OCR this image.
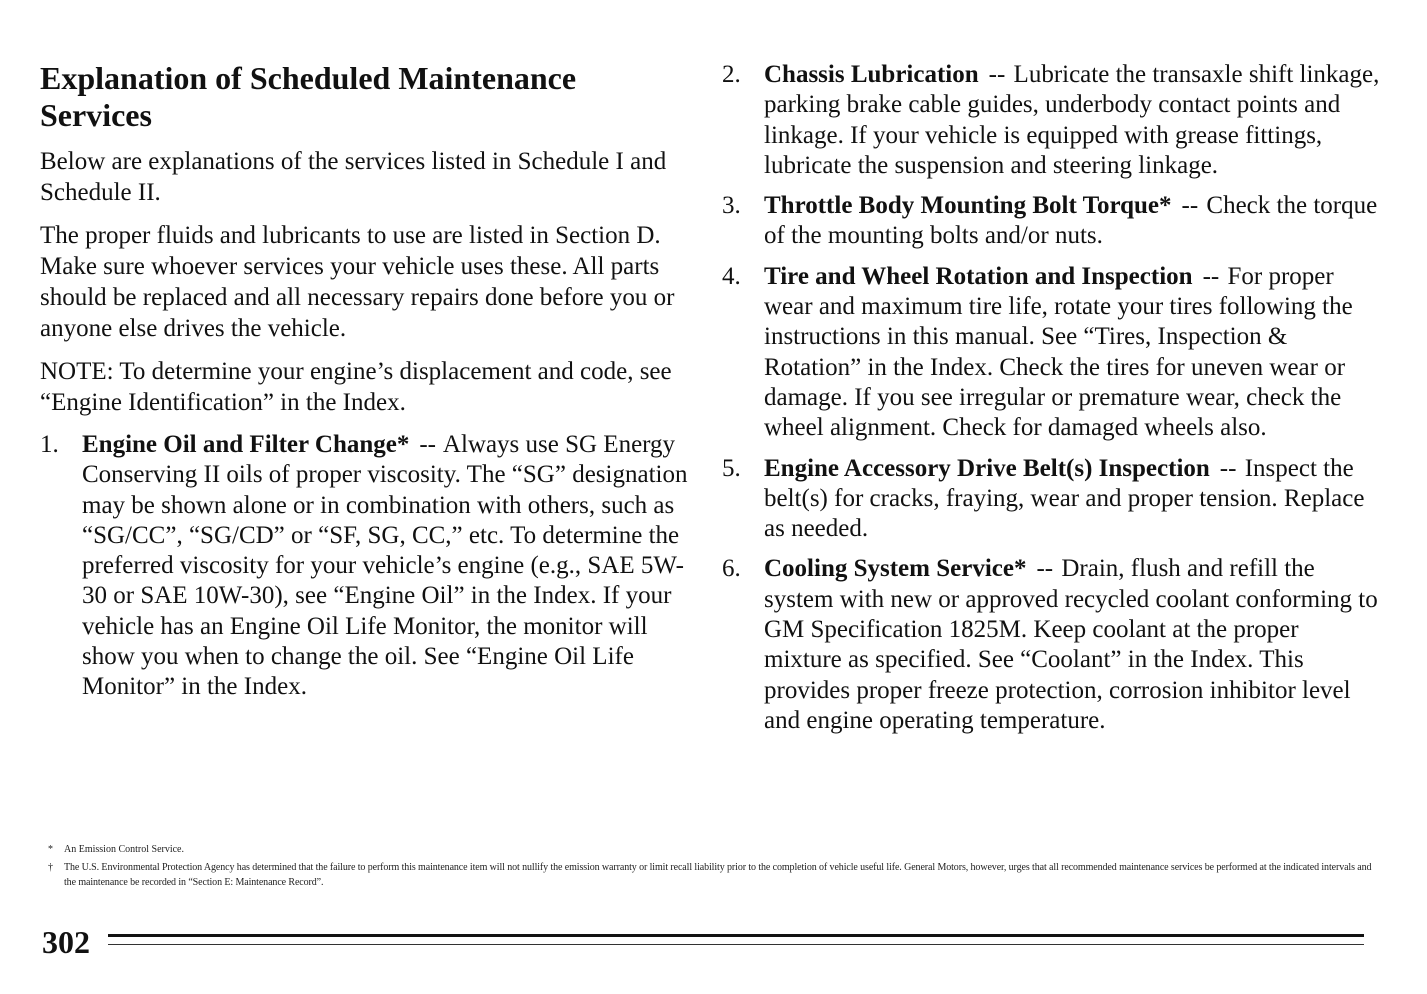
Explanation of Scheduled Maintenance Services

Below are explanations of the services listed in Schedule I and Schedule II.

The proper fluids and lubricants to use are listed in Section D. Make sure whoever services your vehicle uses these. All parts should be replaced and all necessary repairs done before you or anyone else drives the vehicle.

NOTE: To determine your engine’s displacement and code, see “Engine Identification” in the Index.

1. Engine Oil and Filter Change* -- Always use SG Energy Conserving II oils of proper viscosity. The “SG” designation may be shown alone or in combination with others, such as “SG/CC”, “SG/CD” or “SF, SG, CC,” etc. To determine the preferred viscosity for your vehicle’s engine (e.g., SAE 5W-30 or SAE 10W-30), see “Engine Oil” in the Index. If your vehicle has an Engine Oil Life Monitor, the monitor will show you when to change the oil. See “Engine Oil Life Monitor” in the Index.
2. Chassis Lubrication -- Lubricate the transaxle shift linkage, parking brake cable guides, underbody contact points and linkage. If your vehicle is equipped with grease fittings, lubricate the suspension and steering linkage.
3. Throttle Body Mounting Bolt Torque* -- Check the torque of the mounting bolts and/or nuts.
4. Tire and Wheel Rotation and Inspection -- For proper wear and maximum tire life, rotate your tires following the instructions in this manual. See “Tires, Inspection & Rotation” in the Index. Check the tires for uneven wear or damage. If you see irregular or premature wear, check the wheel alignment. Check for damaged wheels also.
5. Engine Accessory Drive Belt(s) Inspection -- Inspect the belt(s) for cracks, fraying, wear and proper tension. Replace as needed.
6. Cooling System Service* -- Drain, flush and refill the system with new or approved recycled coolant conforming to GM Specification 1825M. Keep coolant at the proper mixture as specified. See “Coolant” in the Index. This provides proper freeze protection, corrosion inhibitor level and engine operating temperature.

*	An Emission Control Service.

†	The U.S. Environmental Protection Agency has determined that the failure to perform this maintenance item will not nullify the emission warranty or limit recall liability prior to the completion of vehicle useful life. General Motors, however, urges that all recommended maintenance services be performed at the indicated intervals and the maintenance be recorded in “Section E: Maintenance Record”.

302
